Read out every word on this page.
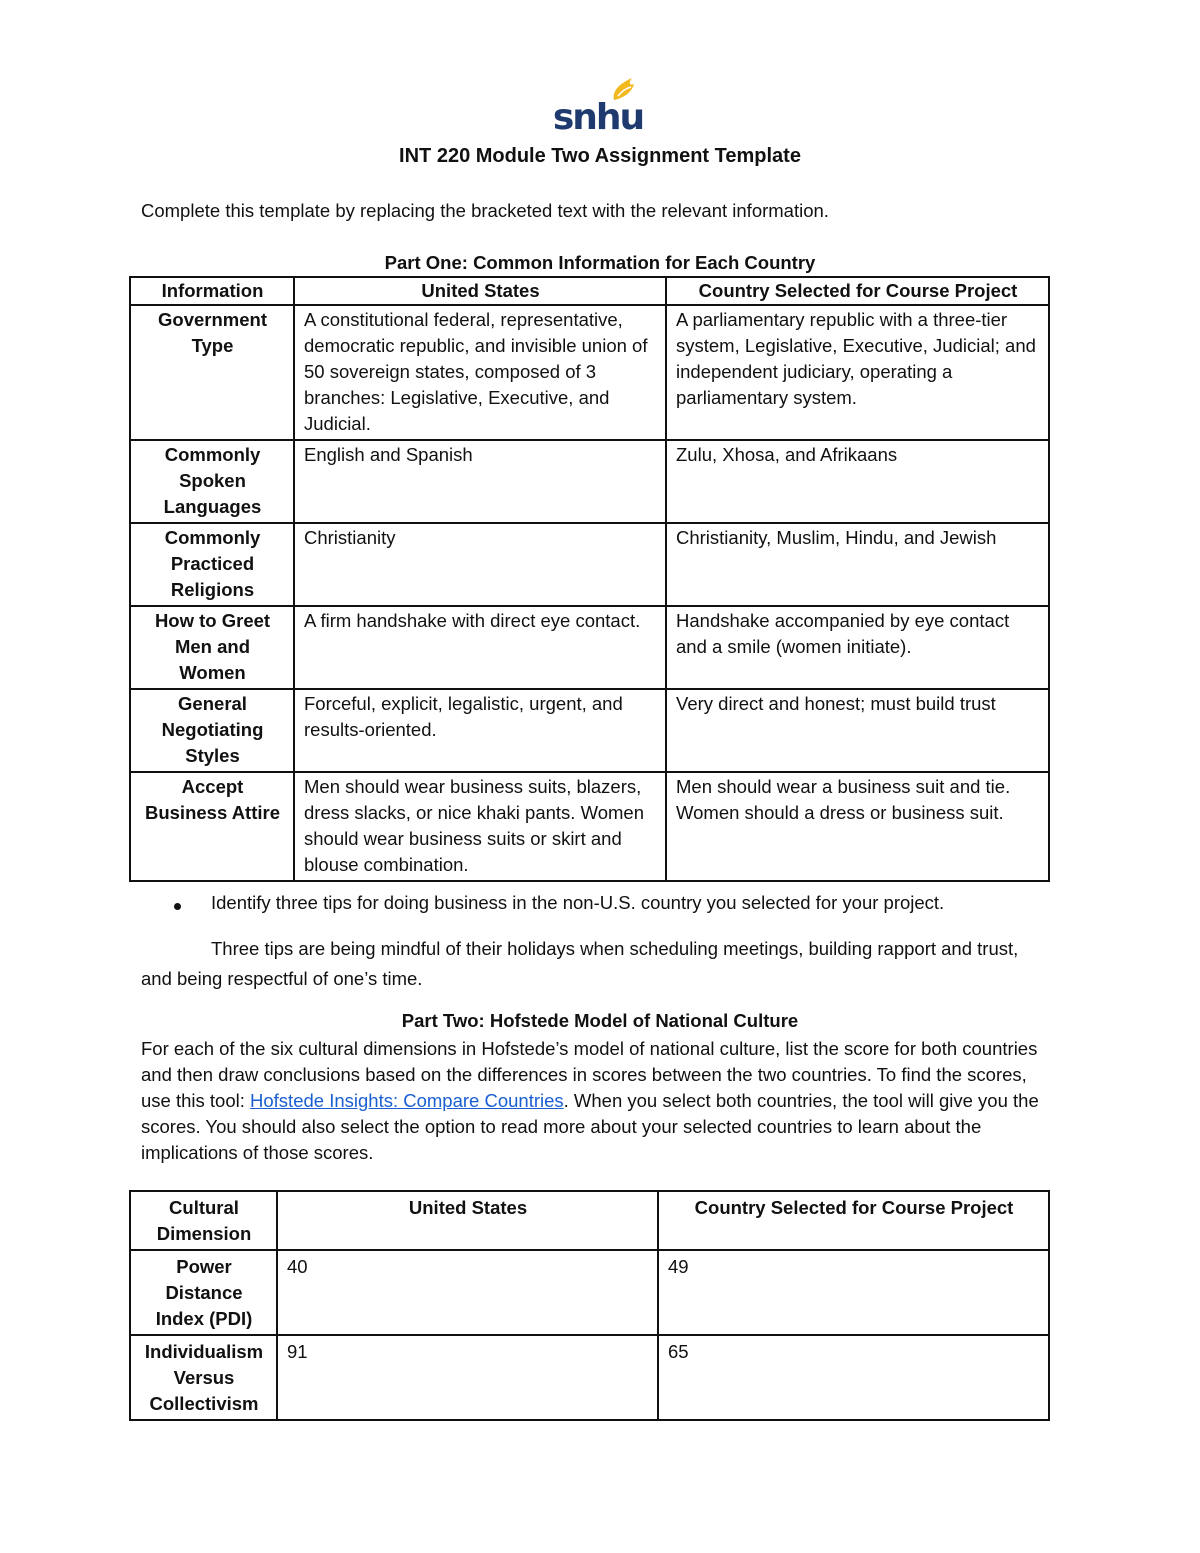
snhu
INT 220 Module Two Assignment Template
Complete this template by replacing the bracketed text with the relevant information.
Part One: Common Information for Each Country
Information	United States	Country Selected for Course Project
Government Type	A constitutional federal, representative, democratic republic, and invisible union of 50 sovereign states, composed of 3 branches: Legislative, Executive, and Judicial.	A parliamentary republic with a three-tier system, Legislative, Executive, Judicial; and independent judiciary, operating a parliamentary system.
Commonly Spoken Languages	English and Spanish	Zulu, Xhosa, and Afrikaans
Commonly Practiced Religions	Christianity	Christianity, Muslim, Hindu, and Jewish
How to Greet Men and Women	A firm handshake with direct eye contact.	Handshake accompanied by eye contact and a smile (women initiate).
General Negotiating Styles	Forceful, explicit, legalistic, urgent, and results-oriented.	Very direct and honest; must build trust
Accept Business Attire	Men should wear business suits, blazers, dress slacks, or nice khaki pants. Women should wear business suits or skirt and blouse combination.	Men should wear a business suit and tie. Women should a dress or business suit.
Identify three tips for doing business in the non-U.S. country you selected for your project.
Three tips are being mindful of their holidays when scheduling meetings, building rapport and trust, and being respectful of one’s time.
Part Two: Hofstede Model of National Culture
For each of the six cultural dimensions in Hofstede’s model of national culture, list the score for both countries and then draw conclusions based on the differences in scores between the two countries. To find the scores, use this tool: Hofstede Insights: Compare Countries. When you select both countries, the tool will give you the scores. You should also select the option to read more about your selected countries to learn about the implications of those scores.
Cultural Dimension	United States	Country Selected for Course Project
Power Distance Index (PDI)	40	49
Individualism Versus Collectivism	91	65
